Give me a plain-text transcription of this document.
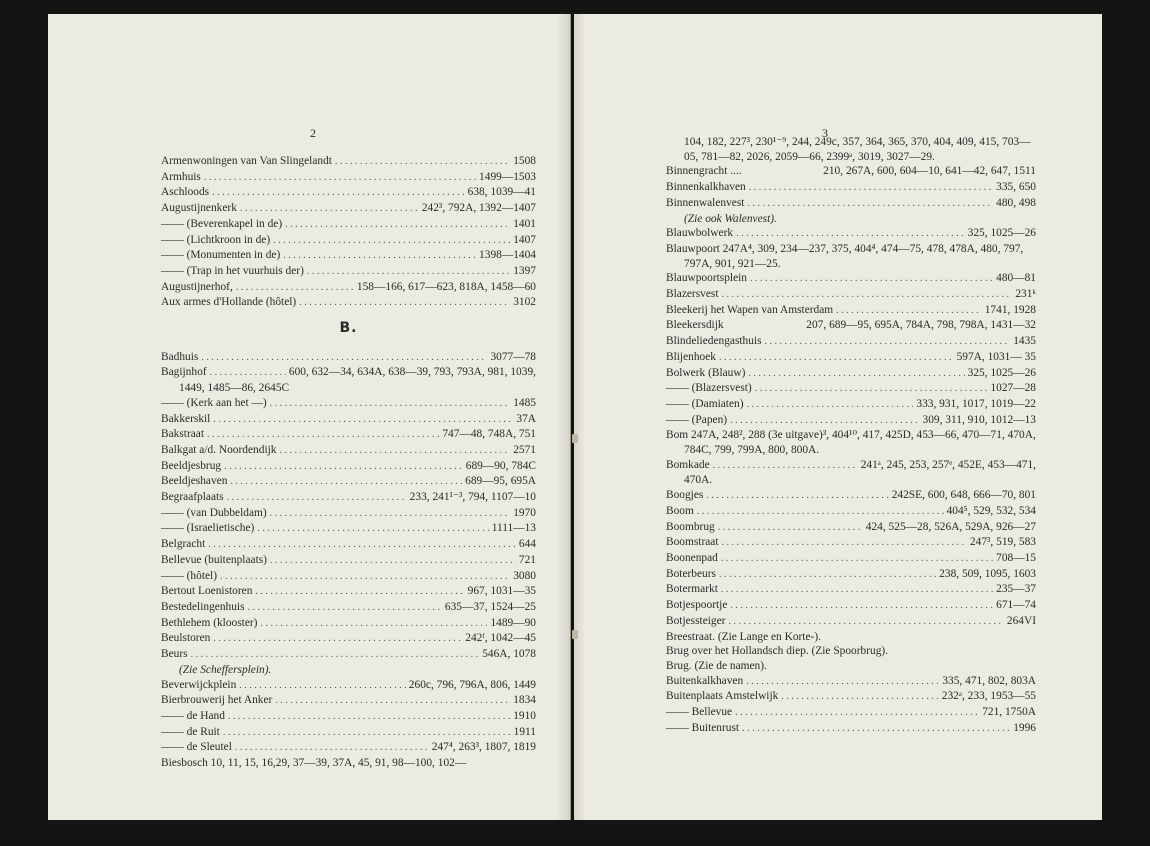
2
Armenwoningen van Van Slingelandt . . .	1508
Armhuis . . .	1499—1503
Aschloods . . .	638, 1039—41
Augustijnenkerk . . .	242³, 792A, 1392—1407
—— (Beverenkapel in de) . . .	1401
—— (Lichtkroon in de) . . .	1407
—— (Monumenten in de) . . .	1398—1404
—— (Trap in het vuurhuis der) . . .	1397
Augustijnerhof, . . .	158—166, 617—623, 818A, 1458—60
Aux armes d'Hollande (hôtel) . . .	3102
B.
Badhuis . . .	3077—78
Bagijnhof . . .	600, 632—34, 634A, 638—39, 793, 793A, 981, 1039,
1449, 1485—86, 2645C
—— (Kerk aan het —) . . .	1485
Bakkerskil . . .	37A
Bakstraat . . .	747—48, 748A, 751
Balkgat a/d. Noordendijk . . .	2571
Beeldjesbrug . . .	689—90, 784C
Beeldjeshaven . . .	689—95, 695A
Begraafplaats . . .	233, 241¹⁻³, 794, 1107—10
—— (van Dubbeldam) . . .	1970
—— (Israelietische) . . .	1111—13
Belgracht . . .	644
Bellevue (buitenplaats) . . .	721
—— (hôtel) . . .	3080
Bertout Loenistoren . . .	967, 1031—35
Bestedelingenhuis . . .	635—37, 1524—25
Bethlehem (klooster) . . .	1489—90
Beulstoren . . .	242ᶠ, 1042—45
Beurs . . .	546A, 1078
(Zie Scheffersplein).
Beverwijckplein . . .	260c, 796, 796A, 806, 1449
Bierbrouwerij het Anker . . .	1834
—— de Hand . . .	1910
—— de Ruit . . .	1911
—— de Sleutel . . .	247⁴, 263³, 1807, 1819
Biesbosch 10, 11, 15, 16,29, 37—39, 37A, 45, 91, 98—100, 102—
3
104, 182, 227³, 230¹⁻⁹, 244, 249c, 357, 364, 365, 370, 404, 409, 415, 703—05, 781—82, 2026, 2059—66, 2399ᵃ, 3019, 3027—29.
Binnengracht ....	210, 267A, 600, 604—10, 641—42, 647, 1511
Binnenkalkhaven . . .	335, 650
Binnenwalenvest . . .	480, 498
(Zie ook Walenvest).
Blauwbolwerk . . .	325, 1025—26
Blauwpoort 247A⁴, 309, 234—237, 375, 404⁴, 474—75, 478, 478A, 480, 797, 797A, 901, 921—25.
Blauwpoortsplein . . .	480—81
Blazersvest . . .	231ᵏ
Bleekerij het Wapen van Amsterdam . . .	1741, 1928
Bleekersdijk	207, 689—95, 695A, 784A, 798, 798A, 1431—32
Blindeliedengasthuis . . .	1435
Blijenhoek . . .	597A, 1031— 35
Bolwerk (Blauw) . . .	325, 1025—26
—— (Blazersvest) . . .	1027—28
—— (Damiaten) . . .	333, 931, 1017, 1019—22
—— (Papen) . . .	309, 311, 910, 1012—13
Bom 247A, 248², 288 (3e uitgave)³, 404¹⁰, 417, 425D, 453—66, 470—71, 470A, 784C, 799, 799A, 800, 800A.
Bomkade . . .	241ᵃ, 245, 253, 257ᵉ, 452E, 453—471,
470A.
Boogjes . . .	242SE, 600, 648, 666—70, 801
Boom . . .	404⁵, 529, 532, 534
Boombrug . . .	424, 525—28, 526A, 529A, 926—27
Boomstraat . . .	247³, 519, 583
Boonenpad . . .	708—15
Boterbeurs . . .	238, 509, 1095, 1603
Botermarkt . . .	235—37
Botjespoortje . . .	671—74
Botjessteiger . . .	264VI
Breestraat. (Zie Lange en Korte-).
Brug over het Hollandsch diep. (Zie Spoorbrug).
Brug. (Zie de namen).
Buitenkalkhaven . . .	335, 471, 802, 803A
Buitenplaats Amstelwijk . . .	232ᵃ, 233, 1953—55
—— Bellevue . . .	721, 1750A
—— Buitenrust . . .	1996
